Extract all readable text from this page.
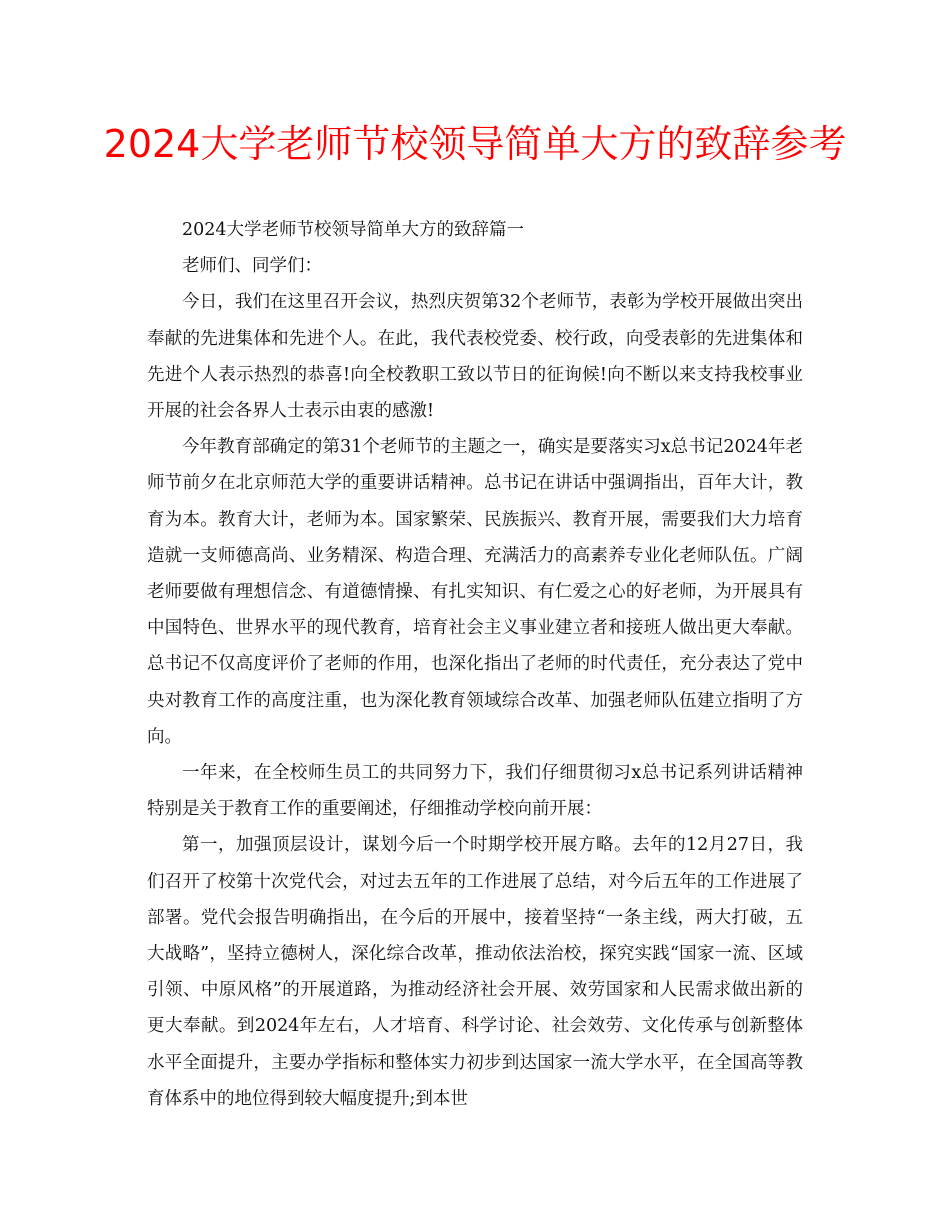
2024大学老师节校领导简单大方的致辞参考

2024大学老师节校领导简单大方的致辞篇一

老师们、同学们：

今日，我们在这里召开会议，热烈庆贺第32个老师节，表彰为学校开展做出突出奉献的先进集体和先进个人。在此，我代表校党委、校行政，向受表彰的先进集体和先进个人表示热烈的恭喜!向全校教职工致以节日的征询候!向不断以来支持我校事业开展的社会各界人士表示由衷的感激!

今年教育部确定的第31个老师节的主题之一，确实是要落实习x总书记2024年老师节前夕在北京师范大学的重要讲话精神。总书记在讲话中强调指出，百年大计，教育为本。教育大计，老师为本。国家繁荣、民族振兴、教育开展，需要我们大力培育造就一支师德高尚、业务精深、构造合理、充满活力的高素养专业化老师队伍。广阔老师要做有理想信念、有道德情操、有扎实知识、有仁爱之心的好老师，为开展具有中国特色、世界水平的现代教育，培育社会主义事业建立者和接班人做出更大奉献。总书记不仅高度评价了老师的作用，也深化指出了老师的时代责任，充分表达了党中央对教育工作的高度注重，也为深化教育领域综合改革、加强老师队伍建立指明了方向。

一年来，在全校师生员工的共同努力下，我们仔细贯彻习x总书记系列讲话精神特别是关于教育工作的重要阐述，仔细推动学校向前开展：

第一，加强顶层设计，谋划今后一个时期学校开展方略。去年的12月27日，我们召开了校第十次党代会，对过去五年的工作进展了总结，对今后五年的工作进展了部署。党代会报告明确指出，在今后的开展中，接着坚持“一条主线，两大打破，五大战略”，坚持立德树人，深化综合改革，推动依法治校，探究实践“国家一流、区域引领、中原风格”的开展道路，为推动经济社会开展、效劳国家和人民需求做出新的更大奉献。到2024年左右，人才培育、科学讨论、社会效劳、文化传承与创新整体水平全面提升，主要办学指标和整体实力初步到达国家一流大学水平，在全国高等教育体系中的地位得到较大幅度提升;到本世
